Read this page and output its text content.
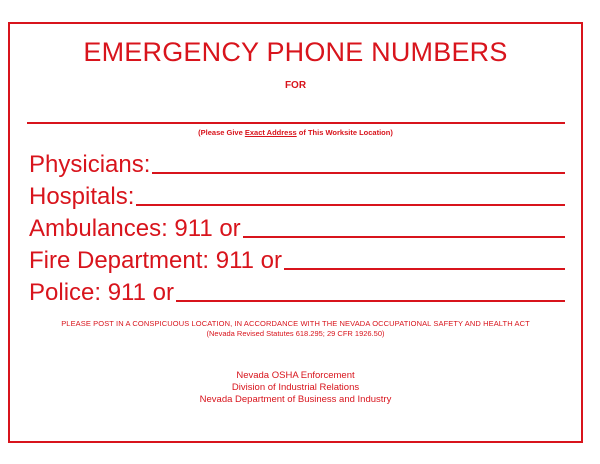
EMERGENCY PHONE NUMBERS
FOR
(Please Give Exact Address of This Worksite Location)
Physicians:
Hospitals:
Ambulances: 911 or
Fire Department: 911 or
Police: 911 or
PLEASE POST IN A CONSPICUOUS LOCATION, IN ACCORDANCE WITH THE NEVADA OCCUPATIONAL SAFETY AND HEALTH ACT
(Nevada Revised Statutes 618.295; 29 CFR 1926.50)
Nevada OSHA Enforcement
Division of Industrial Relations
Nevada Department of Business and Industry
